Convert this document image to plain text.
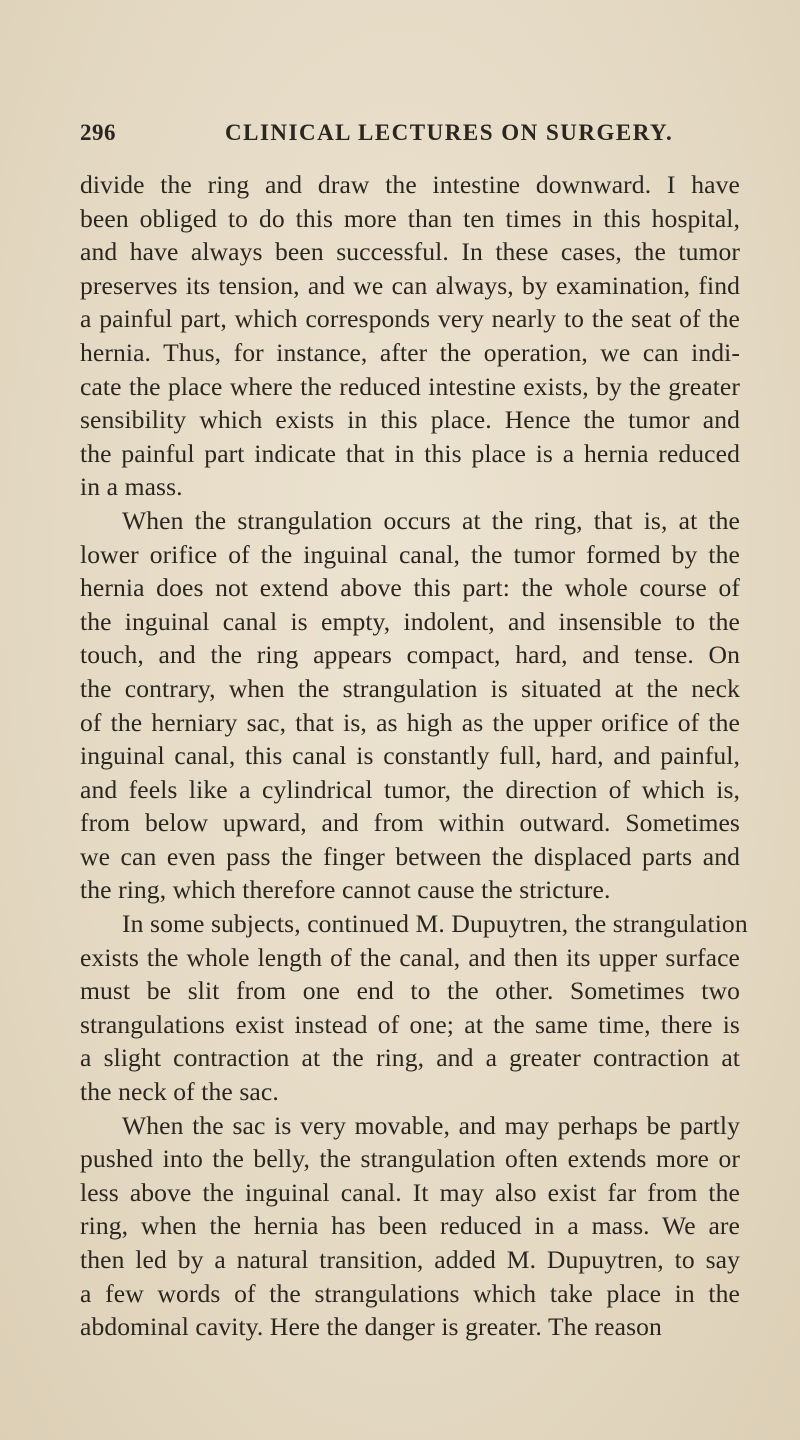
296	CLINICAL LECTURES ON SURGERY.
divide the ring and draw the intestine downward. I have
been obliged to do this more than ten times in this hospital,
and have always been successful. In these cases, the tumor
preserves its tension, and we can always, by examination, find
a painful part, which corresponds very nearly to the seat of the
hernia. Thus, for instance, after the operation, we can indi-
cate the place where the reduced intestine exists, by the greater
sensibility which exists in this place. Hence the tumor and
the painful part indicate that in this place is a hernia reduced
in a mass.
When the strangulation occurs at the ring, that is, at the
lower orifice of the inguinal canal, the tumor formed by the
hernia does not extend above this part: the whole course of
the inguinal canal is empty, indolent, and insensible to the
touch, and the ring appears compact, hard, and tense. On
the contrary, when the strangulation is situated at the neck
of the herniary sac, that is, as high as the upper orifice of the
inguinal canal, this canal is constantly full, hard, and painful,
and feels like a cylindrical tumor, the direction of which is,
from below upward, and from within outward. Sometimes
we can even pass the finger between the displaced parts and
the ring, which therefore cannot cause the stricture.
In some subjects, continued M. Dupuytren, the strangulation
exists the whole length of the canal, and then its upper surface
must be slit from one end to the other. Sometimes two
strangulations exist instead of one; at the same time, there is
a slight contraction at the ring, and a greater contraction at
the neck of the sac.
When the sac is very movable, and may perhaps be partly
pushed into the belly, the strangulation often extends more or
less above the inguinal canal. It may also exist far from the
ring, when the hernia has been reduced in a mass. We are
then led by a natural transition, added M. Dupuytren, to say
a few words of the strangulations which take place in the
abdominal cavity. Here the danger is greater. The reason
